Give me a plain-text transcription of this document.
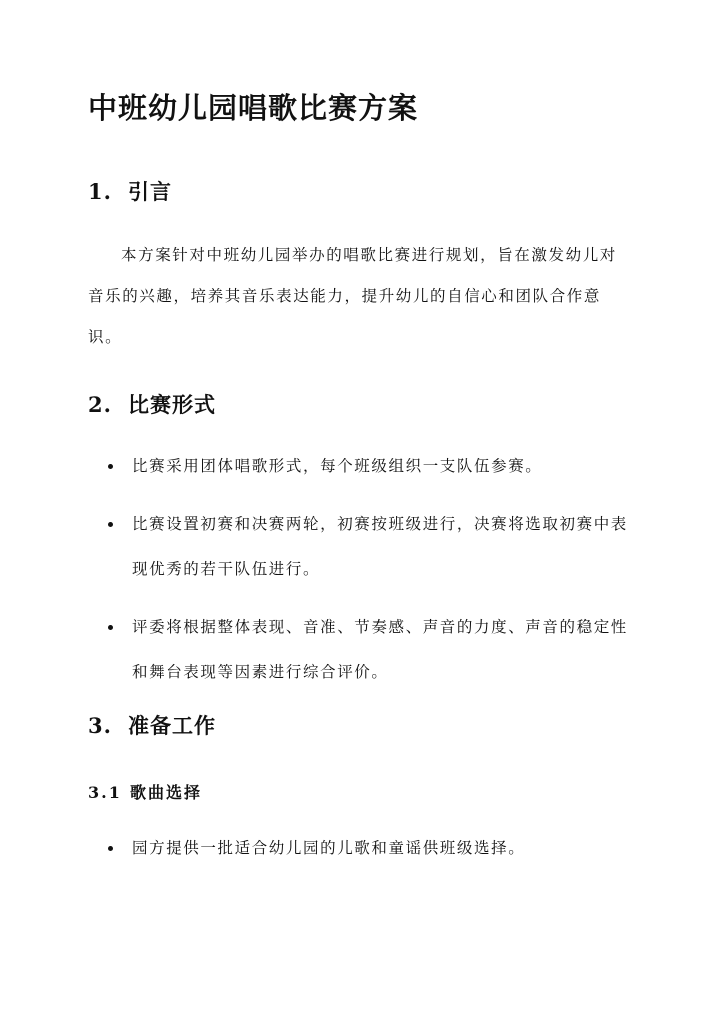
中班幼儿园唱歌比赛方案
1. 引言

本方案针对中班幼儿园举办的唱歌比赛进行规划，旨在激发幼儿对音乐的兴趣，培养其音乐表达能力，提升幼儿的自信心和团队合作意识。

2. 比赛形式
比赛采用团体唱歌形式，每个班级组织一支队伍参赛。
比赛设置初赛和决赛两轮，初赛按班级进行，决赛将选取初赛中表现优秀的若干队伍进行。
评委将根据整体表现、音准、节奏感、声音的力度、声音的稳定性和舞台表现等因素进行综合评价。
3. 准备工作
3.1 歌曲选择
园方提供一批适合幼儿园的儿歌和童谣供班级选择。
